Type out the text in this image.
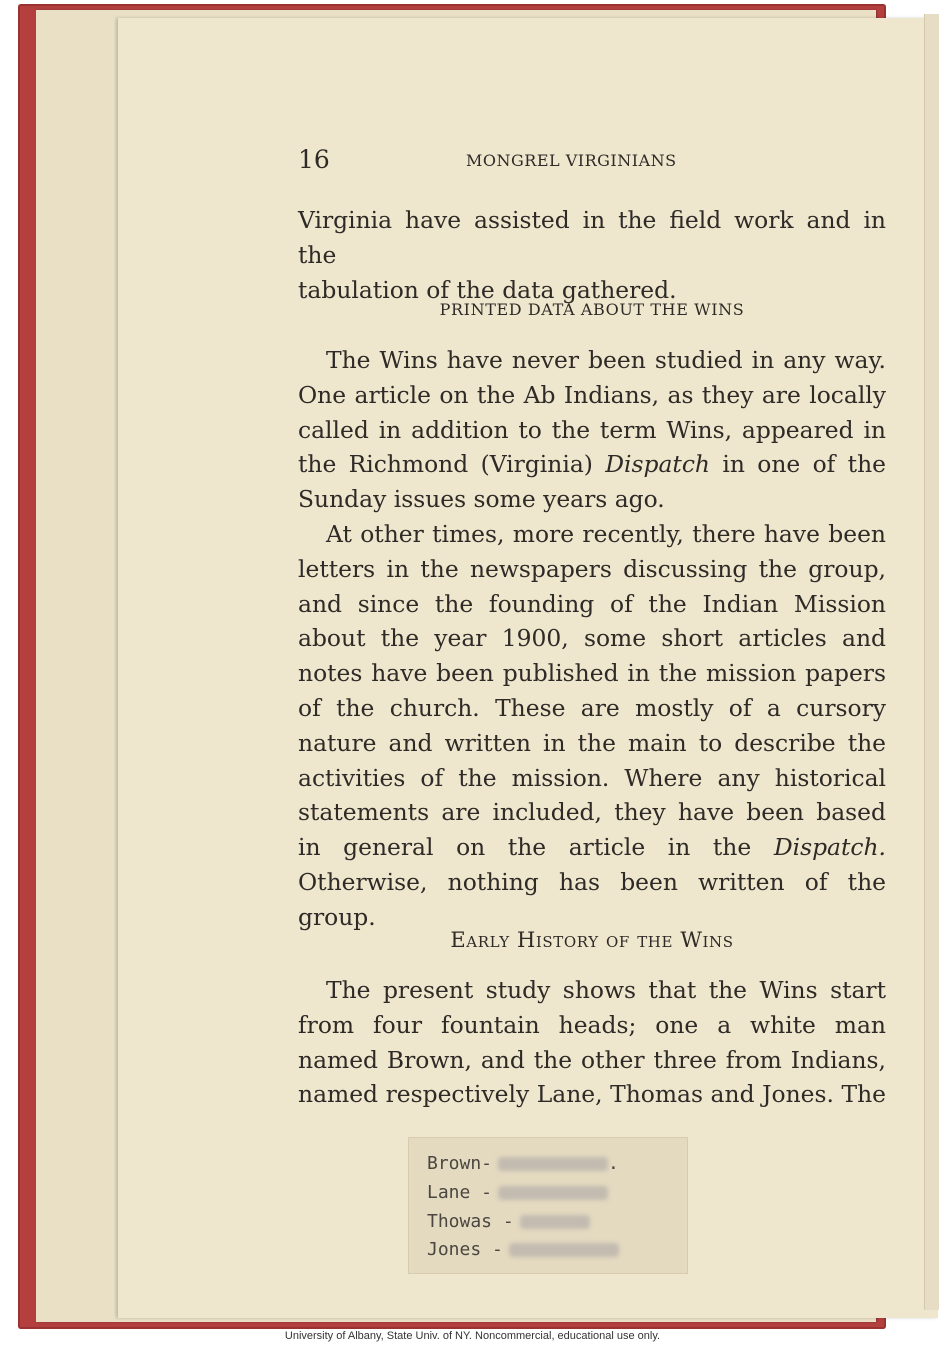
16	MONGREL VIRGINIANS
Virginia have assisted in the field work and in the
tabulation of the data gathered.
PRINTED DATA ABOUT THE WINS

The Wins have never been studied in any way. One article on the Ab Indians, as they are locally called in addition to the term Wins, appeared in the Richmond (Virginia) Dispatch in one of the Sunday issues some years ago.

At other times, more recently, there have been letters in the newspapers discussing the group, and since the founding of the Indian Mission about the year 1900, some short articles and notes have been published in the mission papers of the church. These are mostly of a cursory nature and written in the main to describe the activities of the mission. Where any historical statements are included, they have been based in general on the article in the Dispatch. Otherwise, nothing has been written of the group.

Early History of the Wins

The present study shows that the Wins start from four fountain heads; one a white man named Brown, and the other three from Indians, named respectively Lane, Thomas and Jones. The

Brown-	.
Lane -
Thowas -
Jones -
University of Albany, State Univ. of NY. Noncommercial, educational use only.
